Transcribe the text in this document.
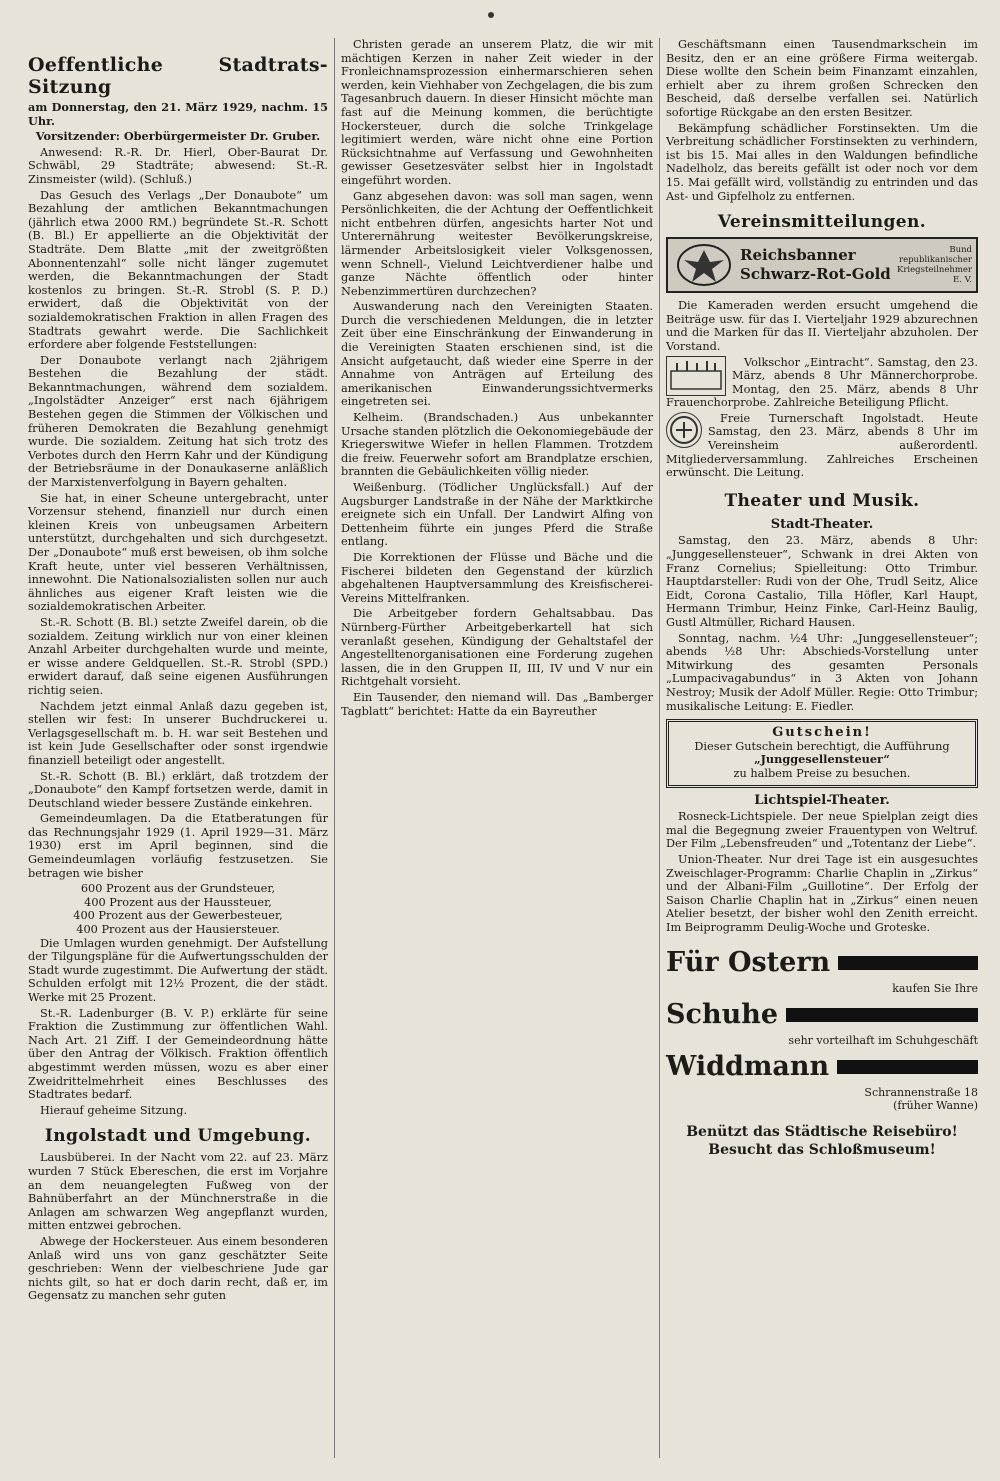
Oeffentliche Stadtrats-Sitzung
am Donnerstag, den 21. März 1929, nachm. 15 Uhr.
Vorsitzender: Oberbürgermeister Dr. Gruber.

Anwesend: R.-R. Dr. Hierl, Ober-Baurat Dr. Schwäbl, 29 Stadträte; abwesend: St.-R. Zinsmeister (wild). (Schluß.)

Das Gesuch des Verlags „Der Donaubote“ um Bezahlung der amtlichen Bekanntmachungen (jährlich etwa 2000 RM.) begründete St.-R. Schott (B. Bl.) Er appellierte an die Objektivität der Stadträte. Dem Blatte „mit der zweitgrößten Abonnentenzahl“ solle nicht länger zugemutet werden, die Bekanntmachungen der Stadt kostenlos zu bringen. St.-R. Strobl (S. P. D.) erwidert, daß die Objektivität von der sozialdemokratischen Fraktion in allen Fragen des Stadtrats gewahrt werde. Die Sachlichkeit erfordere aber folgende Feststellungen:

Der Donaubote verlangt nach 2jährigem Bestehen die Bezahlung der städt. Bekanntmachungen, während dem sozialdem. „Ingolstädter Anzeiger“ erst nach 6jährigem Bestehen gegen die Stimmen der Völkischen und früheren Demokraten die Bezahlung genehmigt wurde. Die sozialdem. Zeitung hat sich trotz des Verbotes durch den Herrn Kahr und der Kündigung der Betriebsräume in der Donaukaserne anläßlich der Marxistenverfolgung in Bayern gehalten.

Sie hat, in einer Scheune untergebracht, unter Vorzensur stehend, finanziell nur durch einen kleinen Kreis von unbeugsamen Arbeitern unterstützt, durchgehalten und sich durchgesetzt. Der „Donaubote“ muß erst beweisen, ob ihm solche Kraft heute, unter viel besseren Verhältnissen, innewohnt. Die Nationalsozialisten sollen nur auch ähnliches aus eigener Kraft leisten wie die sozialdemokratischen Arbeiter.

St.-R. Schott (B. Bl.) setzte Zweifel darein, ob die sozialdem. Zeitung wirklich nur von einer kleinen Anzahl Arbeiter durchgehalten wurde und meinte, er wisse andere Geldquellen. St.-R. Strobl (SPD.) erwidert darauf, daß seine eigenen Ausführungen richtig seien.

Nachdem jetzt einmal Anlaß dazu gegeben ist, stellen wir fest: In unserer Buchdruckerei u. Verlagsgesellschaft m. b. H. war seit Bestehen und ist kein Jude Gesellschafter oder sonst irgendwie finanziell beteiligt oder angestellt.

St.-R. Schott (B. Bl.) erklärt, daß trotzdem der „Donaubote“ den Kampf fortsetzen werde, damit in Deutschland wieder bessere Zustände einkehren.

Gemeindeumlagen. Da die Etatberatungen für das Rechnungsjahr 1929 (1. April 1929—31. März 1930) erst im April beginnen, sind die Gemeindeumlagen vorläufig festzusetzen. Sie betragen wie bisher

600 Prozent aus der Grundsteuer,
400 Prozent aus der Haussteuer,
400 Prozent aus der Gewerbesteuer,
400 Prozent aus der Hausiersteuer.

Die Umlagen wurden genehmigt. Der Aufstellung der Tilgungspläne für die Aufwertungsschulden der Stadt wurde zugestimmt. Die Aufwertung der städt. Schulden erfolgt mit 12½ Prozent, die der städt. Werke mit 25 Prozent.

St.-R. Ladenburger (B. V. P.) erklärte für seine Fraktion die Zustimmung zur öffentlichen Wahl. Nach Art. 21 Ziff. I der Gemeindeordnung hätte über den Antrag der Völkisch. Fraktion öffentlich abgestimmt werden müssen, wozu es aber einer Zweidrittelmehrheit eines Beschlusses des Stadtrates bedarf.

Hierauf geheime Sitzung.

Ingolstadt und Umgebung.

Lausbüberei. In der Nacht vom 22. auf 23. März wurden 7 Stück Ebereschen, die erst im Vorjahre an dem neuangelegten Fußweg von der Bahnüberfahrt an der Münchnerstraße in die Anlagen am schwarzen Weg angepflanzt wurden, mitten entzwei gebrochen.

Abwege der Hockersteuer. Aus einem besonderen Anlaß wird uns von ganz geschätzter Seite geschrieben: Wenn der vielbeschriene Jude gar nichts gilt, so hat er doch darin recht, daß er, im Gegensatz zu manchen sehr guten

Christen gerade an unserem Platz, die wir mit mächtigen Kerzen in naher Zeit wieder in der Fronleichnamsprozession einhermarschieren sehen werden, kein Viehhaber von Zechgelagen, die bis zum Tagesanbruch dauern. In dieser Hinsicht möchte man fast auf die Meinung kommen, die berüchtigte Hockersteuer, durch die solche Trinkgelage legitimiert werden, wäre nicht ohne eine Portion Rücksichtnahme auf Verfassung und Gewohnheiten gewisser Gesetzesväter selbst hier in Ingolstadt eingeführt worden.

Ganz abgesehen davon: was soll man sagen, wenn Persönlichkeiten, die der Achtung der Oeffentlichkeit nicht entbehren dürfen, angesichts harter Not und Unterernährung weitester Bevölkerungskreise, lärmender Arbeitslosigkeit vieler Volksgenossen, wenn Schnell-, Vielund Leichtverdiener halbe und ganze Nächte öffentlich oder hinter Nebenzimmertüren durchzechen?

Auswanderung nach den Vereinigten Staaten. Durch die verschiedenen Meldungen, die in letzter Zeit über eine Einschränkung der Einwanderung in die Vereinigten Staaten erschienen sind, ist die Ansicht aufgetaucht, daß wieder eine Sperre in der Annahme von Anträgen auf Erteilung des amerikanischen Einwanderungssichtvermerks eingetreten sei.

Kelheim. (Brandschaden.) Aus unbekannter Ursache standen plötzlich die Oekonomiegebäude der Kriegerswitwe Wiefer in hellen Flammen. Trotzdem die freiw. Feuerwehr sofort am Brandplatze erschien, brannten die Gebäulichkeiten völlig nieder.

Weißenburg. (Tödlicher Unglücksfall.) Auf der Augsburger Landstraße in der Nähe der Marktkirche ereignete sich ein Unfall. Der Landwirt Alfing von Dettenheim führte ein junges Pferd die Straße entlang.

Die Korrektionen der Flüsse und Bäche und die Fischerei bildeten den Gegenstand der kürzlich abgehaltenen Hauptversammlung des Kreisfischerei-Vereins Mittelfranken.

Die Arbeitgeber fordern Gehaltsabbau. Das Nürnberg-Fürther Arbeitgeberkartell hat sich veranlaßt gesehen, Kündigung der Gehaltstafel der Angestelltenorganisationen eine Forderung zugehen lassen, die in den Gruppen II, III, IV und V nur ein Richtgehalt vorsieht.

Ein Tausender, den niemand will. Das „Bamberger Tagblatt“ berichtet: Hatte da ein Bayreuther

Geschäftsmann einen Tausendmarkschein im Besitz, den er an eine größere Firma weitergab. Diese wollte den Schein beim Finanzamt einzahlen, erhielt aber zu ihrem großen Schrecken den Bescheid, daß derselbe verfallen sei. Natürlich sofortige Rückgabe an den ersten Besitzer.

Bekämpfung schädlicher Forstinsekten. Um die Verbreitung schädlicher Forstinsekten zu verhindern, ist bis 15. Mai alles in den Waldungen befindliche Nadelholz, das bereits gefällt ist oder noch vor dem 15. Mai gefällt wird, vollständig zu entrinden und das Ast- und Gipfelholz zu entfernen.

Vereinsmitteilungen.
Reichsbanner
Schwarz-Rot-Gold
Bund republikanischer Kriegsteilnehmer E. V.

Die Kameraden werden ersucht umgehend die Beiträge usw. für das I. Vierteljahr 1929 abzurechnen und die Marken für das II. Vierteljahr abzuholen. Der Vorstand.

Volkschor „Eintracht“. Samstag, den 23. März, abends 8 Uhr Männerchorprobe. Montag, den 25. März, abends 8 Uhr Frauenchorprobe. Zahlreiche Beteiligung Pflicht.

Freie Turnerschaft Ingolstadt. Heute Samstag, den 23. März, abends 8 Uhr im Vereinsheim außerordentl. Mitgliederversammlung. Zahlreiches Erscheinen erwünscht. Die Leitung.

Theater und Musik.
Stadt-Theater.

Samstag, den 23. März, abends 8 Uhr: „Junggesellensteuer“, Schwank in drei Akten von Franz Cornelius; Spielleitung: Otto Trimbur. Hauptdarsteller: Rudi von der Ohe, Trudl Seitz, Alice Eidt, Corona Castalio, Tilla Höfler, Karl Haupt, Hermann Trimbur, Heinz Finke, Carl-Heinz Baulig, Gustl Altmüller, Richard Hausen.

Sonntag, nachm. ½4 Uhr: „Junggesellensteuer“; abends ½8 Uhr: Abschieds-Vorstellung unter Mitwirkung des gesamten Personals „Lumpacivagabundus“ in 3 Akten von Johann Nestroy; Musik der Adolf Müller. Regie: Otto Trimbur; musikalische Leitung: E. Fiedler.

Gutschein!
Dieser Gutschein berechtigt, die Aufführung
„Junggesellensteuer“
zu halbem Preise zu besuchen.
Lichtspiel-Theater.

Rosneck-Lichtspiele. Der neue Spielplan zeigt dies mal die Begegnung zweier Frauentypen von Weltruf. Der Film „Lebensfreuden“ und „Totentanz der Liebe“.

Union-Theater. Nur drei Tage ist ein ausgesuchtes Zweischlager-Programm: Charlie Chaplin in „Zirkus“ und der Albani-Film „Guillotine“. Der Erfolg der Saison Charlie Chaplin hat in „Zirkus“ einen neuen Atelier besetzt, der bisher wohl den Zenith erreicht. Im Beiprogramm Deulig-Woche und Groteske.

Für Ostern
kaufen Sie Ihre
Schuhe
sehr vorteilhaft im Schuhgeschäft
Widdmann
Schrannenstraße 18
(früher Wanne)
Benützt das Städtische Reisebüro!
Besucht das Schloßmuseum!
